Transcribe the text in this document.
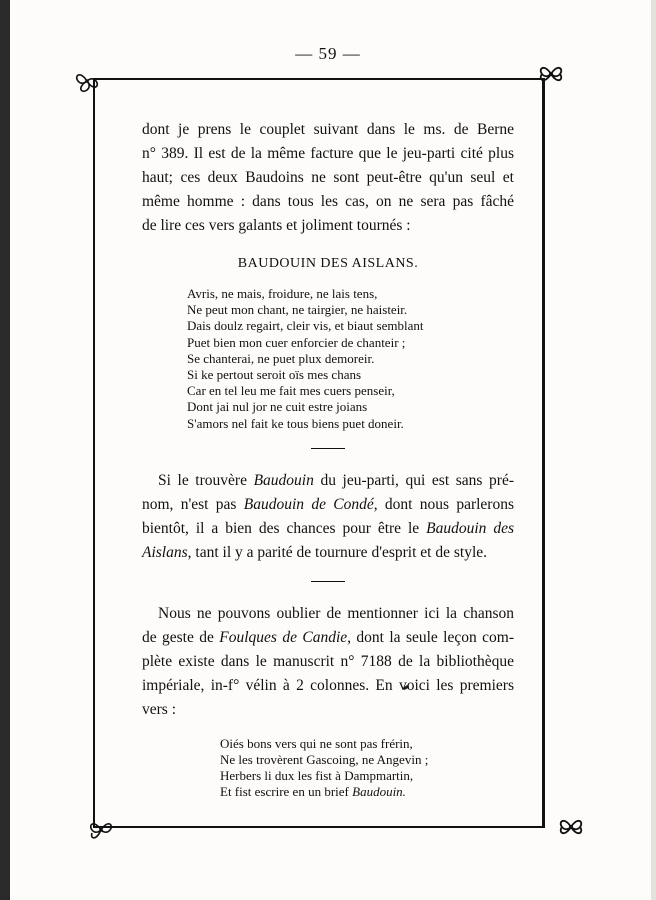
— 59 —

dont je prens le couplet suivant dans le ms. de Berne

n° 389. Il est de la même facture que le jeu-parti cité plus

haut; ces deux Baudoins ne sont peut-être qu'un seul et

même homme : dans tous les cas, on ne sera pas fâché

de lire ces vers galants et joliment tournés :

BAUDOUIN DES AISLANS.
Avris, ne mais, froidure, ne lais tens,
Ne peut mon chant, ne tairgier, ne haisteir.
Dais doulz regairt, cleir vis, et biaut semblant
Puet bien mon cuer enforcier de chanteir ;
Se chanterai, ne puet plux demoreir.
Si ke pertout seroit oïs mes chans
Car en tel leu me fait mes cuers penseir,
Dont jai nul jor ne cuit estre joians
S'amors nel fait ke tous biens puet doneir.

Si le trouvère Baudouin du jeu-parti, qui est sans pré-

nom, n'est pas Baudouin de Condé, dont nous parlerons

bientôt, il a bien des chances pour être le Baudouin des

Aislans, tant il y a parité de tournure d'esprit et de style.

Nous ne pouvons oublier de mentionner ici la chanson

de geste de Foulques de Candie, dont la seule leçon com-

plète existe dans le manuscrit n° 7188 de la bibliothèque

impériale, in-f° vélin à 2 colonnes. En voici les premiers

vers :

Oiés bons vers qui ne sont pas frérin,
Ne les trovèrent Gascoing, ne Angevin ;
Herbers li dux les fist à Dampmartin,
Et fist escrire en un brief Baudouin.
